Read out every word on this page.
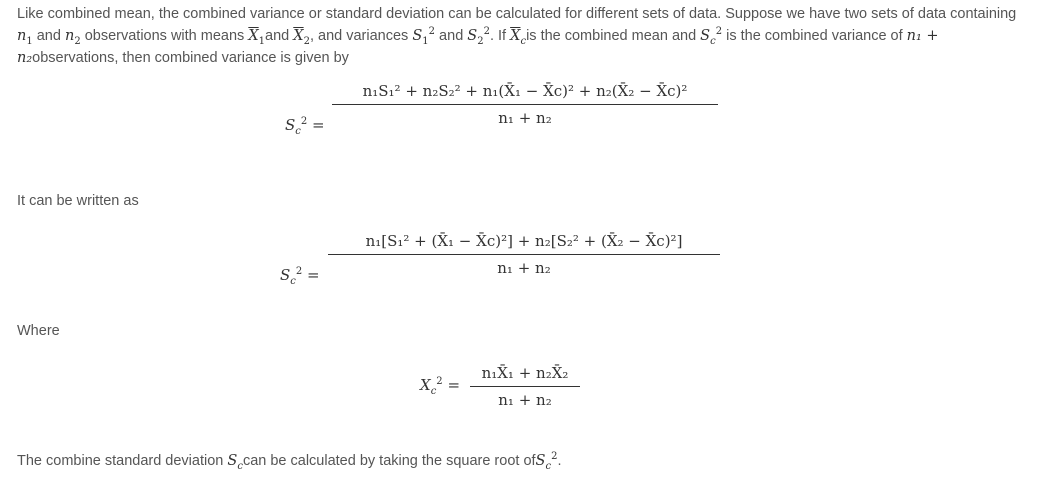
Like combined mean, the combined variance or standard deviation can be calculated for different sets of data. Suppose we have two sets of data containing $n_1$ and $n_2$ observations with means $\overline{X}_1and$ $\overline{X}_2$, and variances $S_1^2$ and $S_2^2$. If $\overline{X}_cis$ the combined mean and $S_c^2$ is the combined variance of n₁ + n₂observations, then combined variance is given by

$S_c^2$ =
n₁S₁² + n₂S₂² + n₁(X̄₁ − X̄c)² + n₂(X̄₂ − X̄c)²
n₁ + n₂

It can be written as

$S_c^2$ =
n₁[S₁² + (X̄₁ − X̄c)²] + n₂[S₂² + (X̄₂ − X̄c)²]
n₁ + n₂

Where

$X_c^2$ =
n₁X̄₁ + n₂X̄₂
n₁ + n₂

The combine standard deviation $S_ccan$ be calculated by taking the square root ofS$_c^2$.
